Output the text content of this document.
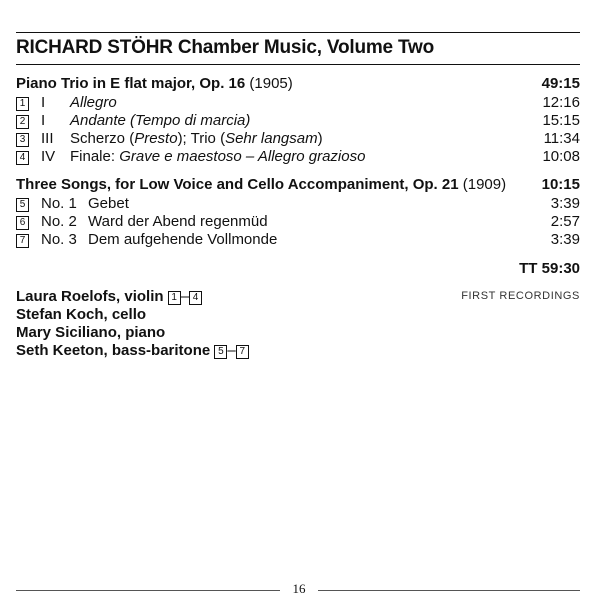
RICHARD STÖHR Chamber Music, Volume Two
Piano Trio in E flat major, Op. 16 (1905)	49:15
1 I Allegro	12:16
2 I Andante (Tempo di marcia)	15:15
3 III Scherzo (Presto); Trio (Sehr langsam)	11:34
4 IV Finale: Grave e maestoso – Allegro grazioso	10:08
Three Songs, for Low Voice and Cello Accompaniment, Op. 21 (1909) 10:15
5 No. 1 Gebet	3:39
6 No. 2 Ward der Abend regenmüd	2:57
7 No. 3 Dem aufgehende Vollmonde	3:39
TT 59:30
Laura Roelofs, violin 1 – 4	FIRST RECORDINGS
Stefan Koch, cello
Mary Siciliano, piano
Seth Keeton, bass-baritone 5 – 7
16
